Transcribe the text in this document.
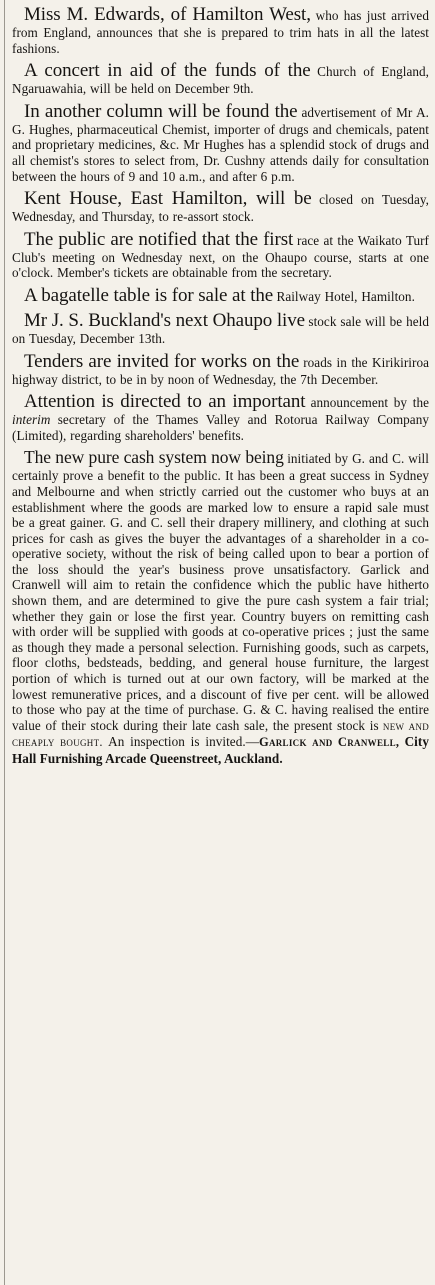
Miss M. Edwards, of Hamilton West, who has just arrived from England, announces that she is prepared to trim hats in all the latest fashions.

A concert in aid of the funds of the Church of England, Ngaruawahia, will be held on December 9th.

In another column will be found the advertisement of Mr A. G. Hughes, pharmaceutical Chemist, importer of drugs and chemicals, patent and proprietary medicines, &c. Mr Hughes has a splendid stock of drugs and all chemist's stores to select from, Dr. Cushny attends daily for consultation between the hours of 9 and 10 a.m., and after 6 p.m.

Kent House, East Hamilton, will be closed on Tuesday, Wednesday, and Thursday, to re-assort stock.

The public are notified that the first race at the Waikato Turf Club's meeting on Wednesday next, on the Ohaupo course, starts at one o'clock. Member's tickets are obtainable from the secretary.

A bagatelle table is for sale at the Railway Hotel, Hamilton.

Mr J. S. Buckland's next Ohaupo live stock sale will be held on Tuesday, December 13th.

Tenders are invited for works on the roads in the Kirikiriroa highway district, to be in by noon of Wednesday, the 7th December.

Attention is directed to an important announcement by the interim secretary of the Thames Valley and Rotorua Railway Company (Limited), regarding shareholders' benefits.

The new pure cash system now being initiated by G. and C. will certainly prove a benefit to the public. It has been a great success in Sydney and Melbourne and when strictly carried out the customer who buys at an establishment where the goods are marked low to ensure a rapid sale must be a great gainer. G. and C. sell their drapery millinery, and clothing at such prices for cash as gives the buyer the advantages of a shareholder in a co-operative society, without the risk of being called upon to bear a portion of the loss should the year's business prove unsatisfactory. Garlick and Cranwell will aim to retain the confidence which the public have hitherto shown them, and are determined to give the pure cash system a fair trial; whether they gain or lose the first year. Country buyers on remitting cash with order will be supplied with goods at co-operative prices ; just the same as though they made a personal selection. Furnishing goods, such as carpets, floor cloths, bedsteads, bedding, and general house furniture, the largest portion of which is turned out at our own factory, will be marked at the lowest remunerative prices, and a discount of five per cent. will be allowed to those who pay at the time of purchase. G. & C. having realised the entire value of their stock during their late cash sale, the present stock is new and cheaply bought. An inspection is invited.—Garlick and Cranwell, City Hall Furnishing Arcade Queenstreet, Auckland.
